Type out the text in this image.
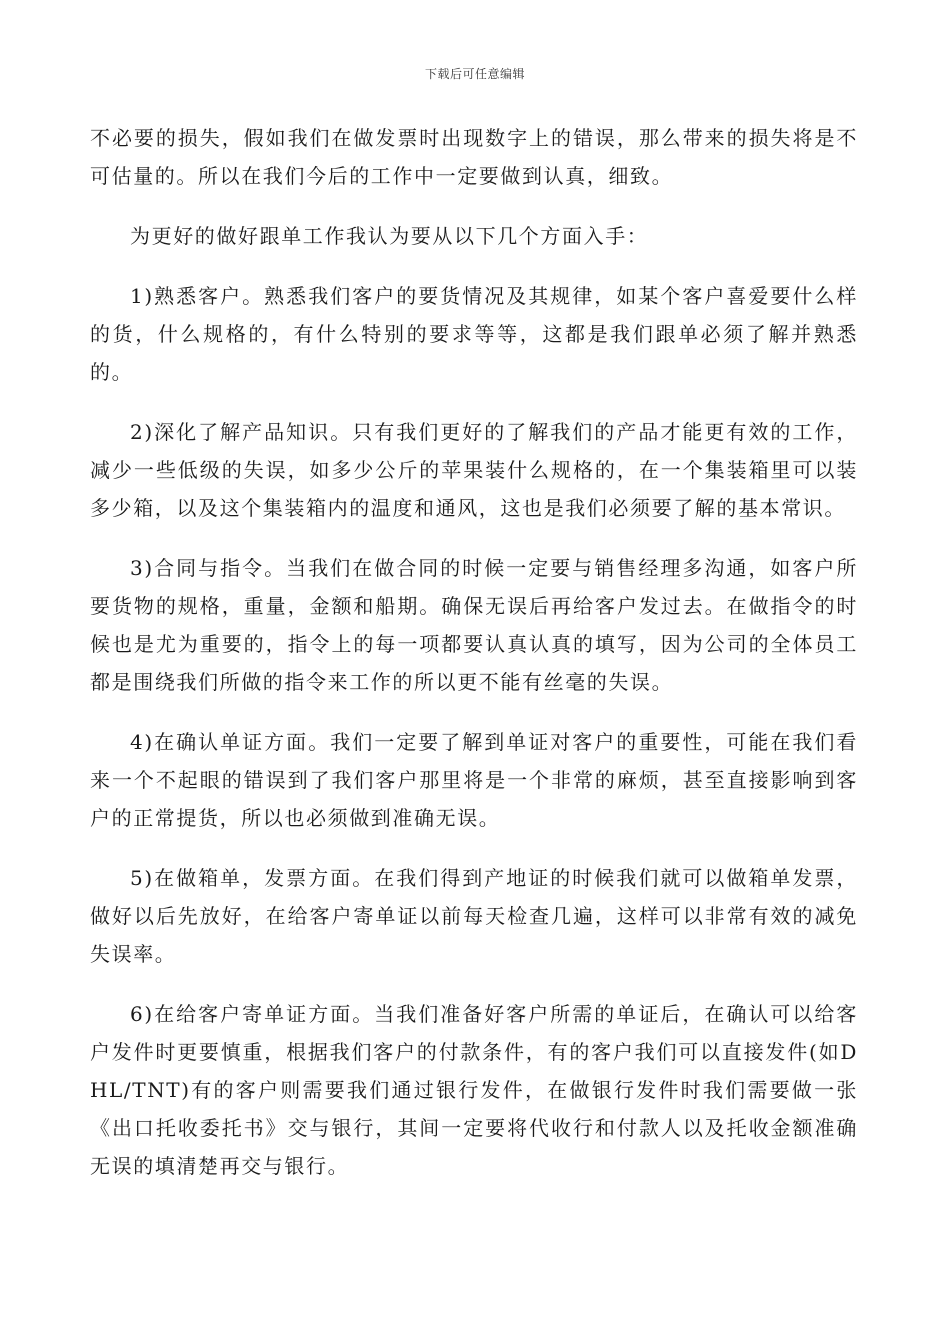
下载后可任意编辑

不必要的损失，假如我们在做发票时出现数字上的错误，那么带来的损失将是不可估量的。所以在我们今后的工作中一定要做到认真，细致。

为更好的做好跟单工作我认为要从以下几个方面入手：

1)熟悉客户。熟悉我们客户的要货情况及其规律，如某个客户喜爱要什么样的货，什么规格的，有什么特别的要求等等，这都是我们跟单必须了解并熟悉的。

2)深化了解产品知识。只有我们更好的了解我们的产品才能更有效的工作，减少一些低级的失误，如多少公斤的苹果装什么规格的，在一个集装箱里可以装多少箱，以及这个集装箱内的温度和通风，这也是我们必须要了解的基本常识。

3)合同与指令。当我们在做合同的时候一定要与销售经理多沟通，如客户所要货物的规格，重量，金额和船期。确保无误后再给客户发过去。在做指令的时候也是尤为重要的，指令上的每一项都要认真认真的填写，因为公司的全体员工都是围绕我们所做的指令来工作的所以更不能有丝毫的失误。

4)在确认单证方面。我们一定要了解到单证对客户的重要性，可能在我们看来一个不起眼的错误到了我们客户那里将是一个非常的麻烦，甚至直接影响到客户的正常提货，所以也必须做到准确无误。

5)在做箱单，发票方面。在我们得到产地证的时候我们就可以做箱单发票，做好以后先放好，在给客户寄单证以前每天检查几遍，这样可以非常有效的减免失误率。

6)在给客户寄单证方面。当我们准备好客户所需的单证后，在确认可以给客户发件时更要慎重，根据我们客户的付款条件，有的客户我们可以直接发件(如DHL/TNT)有的客户则需要我们通过银行发件，在做银行发件时我们需要做一张《出口托收委托书》交与银行，其间一定要将代收行和付款人以及托收金额准确无误的填清楚再交与银行。
